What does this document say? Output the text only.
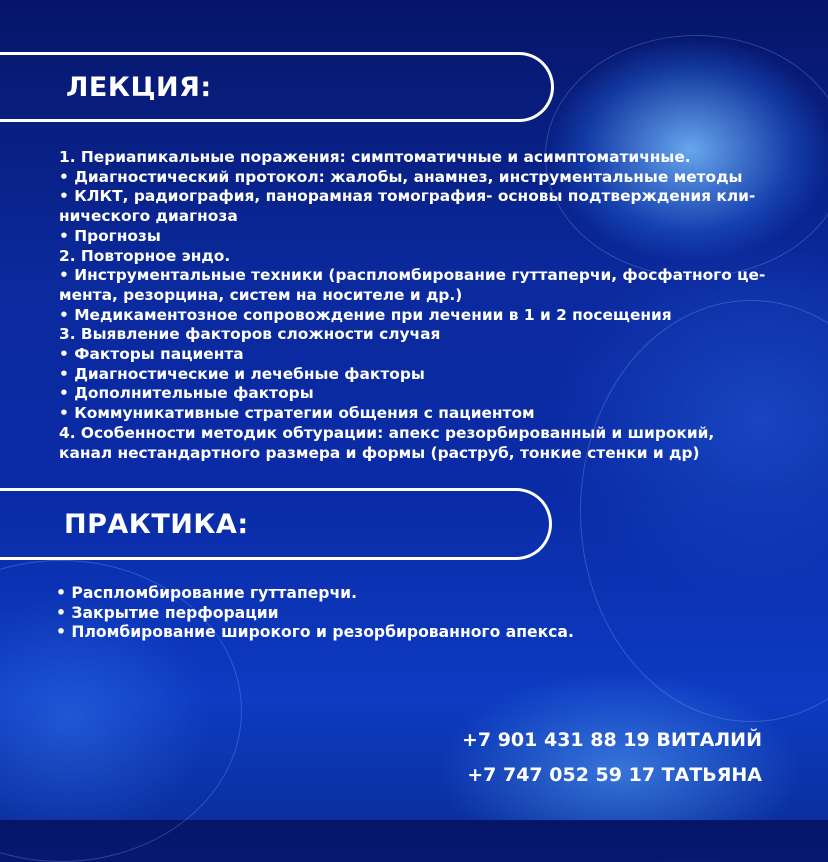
ЛЕКЦИЯ:
1. Периапикальные поражения: симптоматичные и асимптоматичные.
• Диагностический протокол: жалобы, анамнез, инструментальные методы
• КЛКТ, радиография, панорамная томография- основы подтверждения кли-
нического диагноза
• Прогнозы
2. Повторное эндо.
• Инструментальные техники (распломбирование гуттаперчи, фосфатного це-
мента, резорцина, систем на носителе и др.)
• Медикаментозное сопровождение при лечении в 1 и 2 посещения
3. Выявление факторов сложности случая
• Факторы пациента
• Диагностические и лечебные факторы
• Дополнительные факторы
• Коммуникативные стратегии общения с пациентом
4. Особенности методик обтурации: апекс резорбированный и широкий,
канал нестандартного размера и формы (раструб, тонкие стенки и др)
ПРАКТИКА:
• Распломбирование гуттаперчи.
• Закрытие перфорации
• Пломбирование широкого и резорбированного апекса.
+7 901 431 88 19 ВИТАЛИЙ
+7 747 052 59 17 ТАТЬЯНА
